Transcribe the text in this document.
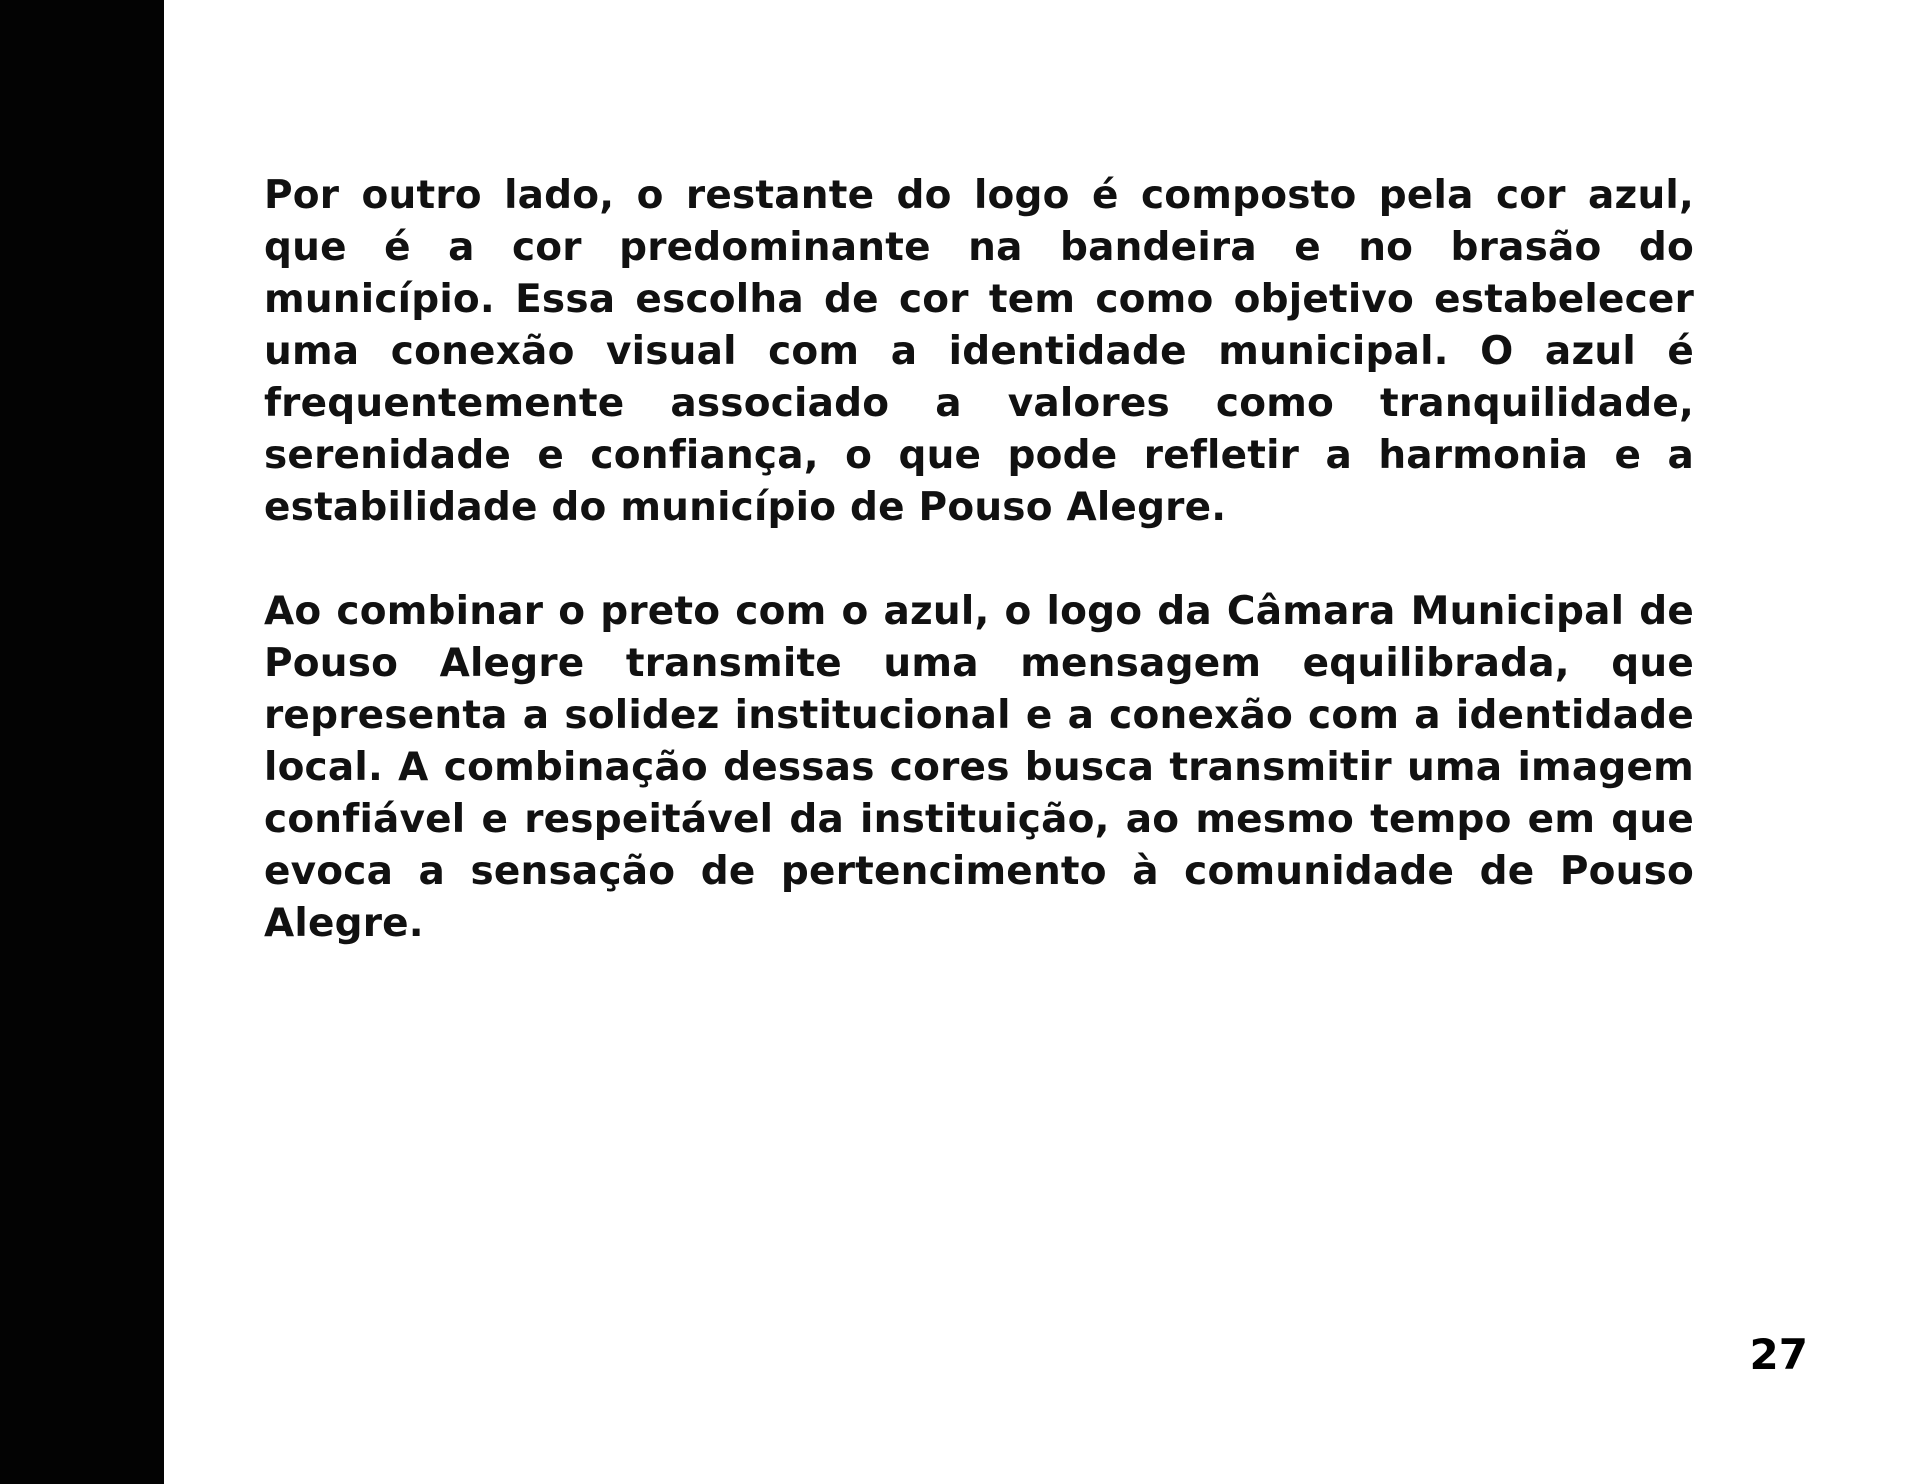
Por outro lado, o restante do logo é composto pela cor azul, que é a cor predominante na bandeira e no brasão do município. Essa escolha de cor tem como objetivo estabelecer uma conexão visual com a identidade municipal. O azul é frequentemente associado a valores como tranquilidade, serenidade e confiança, o que pode refletir a harmonia e a estabilidade do município de Pouso Alegre.

Ao combinar o preto com o azul, o logo da Câmara Municipal de Pouso Alegre transmite uma mensagem equilibrada, que representa a solidez institucional e a conexão com a identidade local. A combinação dessas cores busca transmitir uma imagem confiável e respeitável da instituição, ao mesmo tempo em que evoca a sensação de pertencimento à comunidade de Pouso Alegre.

27
